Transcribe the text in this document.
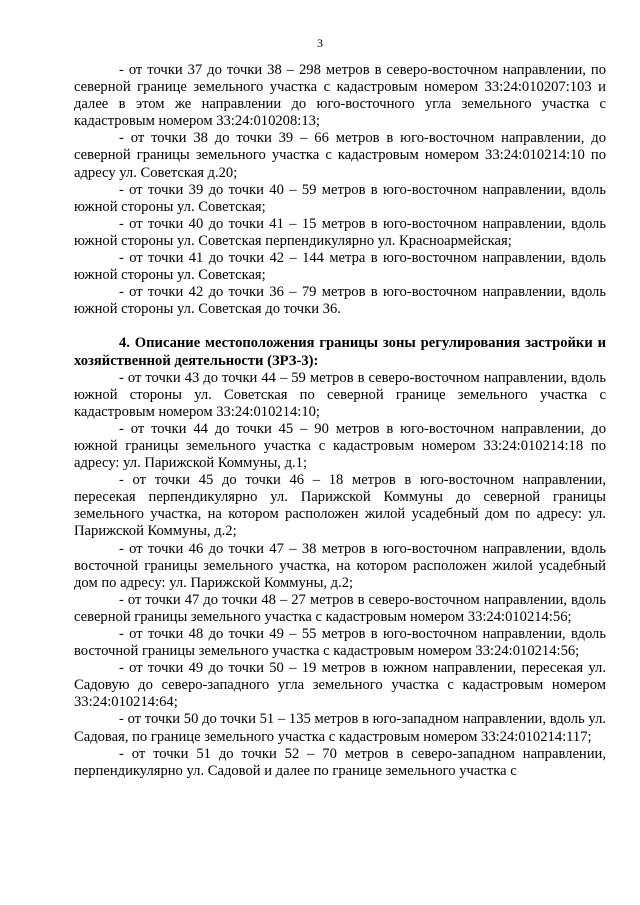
3

- от точки 37 до точки 38 – 298 метров в северо-восточном направлении, по северной границе земельного участка с кадастровым номером 33:24:010207:103 и далее в этом же направлении до юго-восточного угла земельного участка с кадастровым номером 33:24:010208:13;

- от точки 38 до точки 39 – 66 метров в юго-восточном направлении, до северной границы земельного участка с кадастровым номером 33:24:010214:10 по адресу ул. Советская д.20;

- от точки 39 до точки 40 – 59 метров в юго-восточном направлении, вдоль южной стороны ул. Советская;

- от точки 40 до точки 41 – 15 метров в юго-восточном направлении, вдоль южной стороны ул. Советская перпендикулярно ул. Красноармейская;

- от точки 41 до точки 42 – 144 метра в юго-восточном направлении, вдоль южной стороны ул. Советская;

- от точки 42 до точки 36 – 79 метров в юго-восточном направлении, вдоль южной стороны ул. Советская до точки 36.

4. Описание местоположения границы зоны регулирования застройки и хозяйственной деятельности (ЗРЗ-3):

- от точки 43 до точки 44 – 59 метров в северо-восточном направлении, вдоль южной стороны ул. Советская по северной границе земельного участка с кадастровым номером 33:24:010214:10;

- от точки 44 до точки 45 – 90 метров в юго-восточном направлении, до южной границы земельного участка с кадастровым номером 33:24:010214:18 по адресу: ул. Парижской Коммуны, д.1;

- от точки 45 до точки 46 – 18 метров в юго-восточном направлении, пересекая перпендикулярно ул. Парижской Коммуны до северной границы земельного участка, на котором расположен жилой усадебный дом по адресу: ул. Парижской Коммуны, д.2;

- от точки 46 до точки 47 – 38 метров в юго-восточном направлении, вдоль восточной границы земельного участка, на котором расположен жилой усадебный дом по адресу: ул. Парижской Коммуны, д.2;

- от точки 47 до точки 48 – 27 метров в северо-восточном направлении, вдоль северной границы земельного участка с кадастровым номером 33:24:010214:56;

- от точки 48 до точки 49 – 55 метров в юго-восточном направлении, вдоль восточной границы земельного участка с кадастровым номером 33:24:010214:56;

- от точки 49 до точки 50 – 19 метров в южном направлении, пересекая ул. Садовую до северо-западного угла земельного участка с кадастровым номером 33:24:010214:64;

- от точки 50 до точки 51 – 135 метров в юго-западном направлении, вдоль ул. Садовая, по границе земельного участка с кадастровым номером 33:24:010214:117;

- от точки 51 до точки 52 – 70 метров в северо-западном направлении, перпендикулярно ул. Садовой и далее по границе земельного участка с
